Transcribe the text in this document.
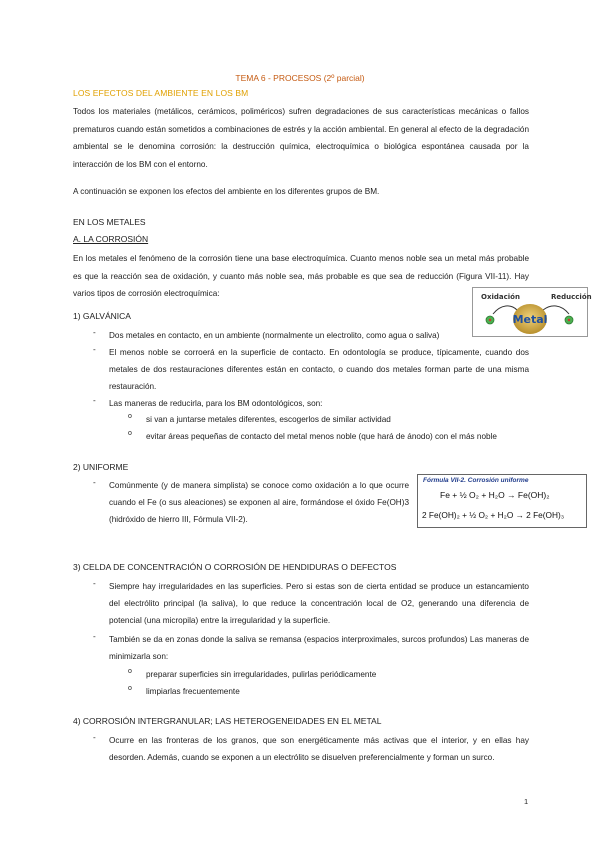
TEMA 6 - PROCESOS (2º parcial)
LOS EFECTOS DEL AMBIENTE EN LOS BM

Todos los materiales (metálicos, cerámicos, poliméricos) sufren degradaciones de sus características mecánicas o fallos prematuros cuando están sometidos a combinaciones de estrés y la acción ambiental. En general al efecto de la degradación ambiental se le denomina corrosión: la destrucción química, electroquímica o biológica espontánea causada por la interacción de los BM con el entorno.

A continuación se exponen los efectos del ambiente en los diferentes grupos de BM.

EN LOS METALES
A. LA CORROSIÓN

En los metales el fenómeno de la corrosión tiene una base electroquímica. Cuanto menos noble sea un metal más probable es que la reacción sea de oxidación, y cuanto más noble sea, más probable es que sea de reducción (Figura VII-11). Hay varios tipos de corrosión electroquímica:	Oxidación	Reducción
Metal
1) GALVÁNICA
- Dos metales en contacto, en un ambiente (normalmente un electrolito, como agua o saliva)

- El menos noble se corroerá en la superficie de contacto. En odontología se produce, típicamente, cuando dos metales de dos restauraciones diferentes están en contacto, o cuando dos metales forman parte de una misma restauración.

- Las maneras de reducirla, para los BM odontológicos, son:

o si van a juntarse metales diferentes, escogerlos de similar actividad

o evitar áreas pequeñas de contacto del metal menos noble (que hará de ánodo) con el más noble

2) UNIFORME
- Comúnmente (y de manera simplista) se conoce como oxidación a lo que ocurre cuando el Fe (o sus aleaciones) se exponen al aire, formándose el óxido Fe(OH)3 (hidróxido de hierro III, Fórmula VII-2).

Fórmula VII-2. Corrosión uniforme
Fe + ½ O₂ + H₂O → Fe(OH)₂
2 Fe(OH)₂ + ½ O₂ + H₂O → 2 Fe(OH)₃
3) CELDA DE CONCENTRACIÓN O CORROSIÓN DE HENDIDURAS O DEFECTOS
- Siempre hay irregularidades en las superficies. Pero si estas son de cierta entidad se produce un estancamiento del electrólito principal (la saliva), lo que reduce la concentración local de O2, generando una diferencia de potencial (una micropila) entre la irregularidad y la superficie.

- También se da en zonas donde la saliva se remansa (espacios interproximales, surcos profundos) Las maneras de minimizarla son:

o preparar superficies sin irregularidades, pulirlas periódicamente

o limpiarlas frecuentemente

4) CORROSIÓN INTERGRANULAR; LAS HETEROGENEIDADES EN EL METAL
- Ocurre en las fronteras de los granos, que son energéticamente más activas que el interior, y en ellas hay desorden. Además, cuando se exponen a un electrólito se disuelven preferencialmente y forman un surco.

1
